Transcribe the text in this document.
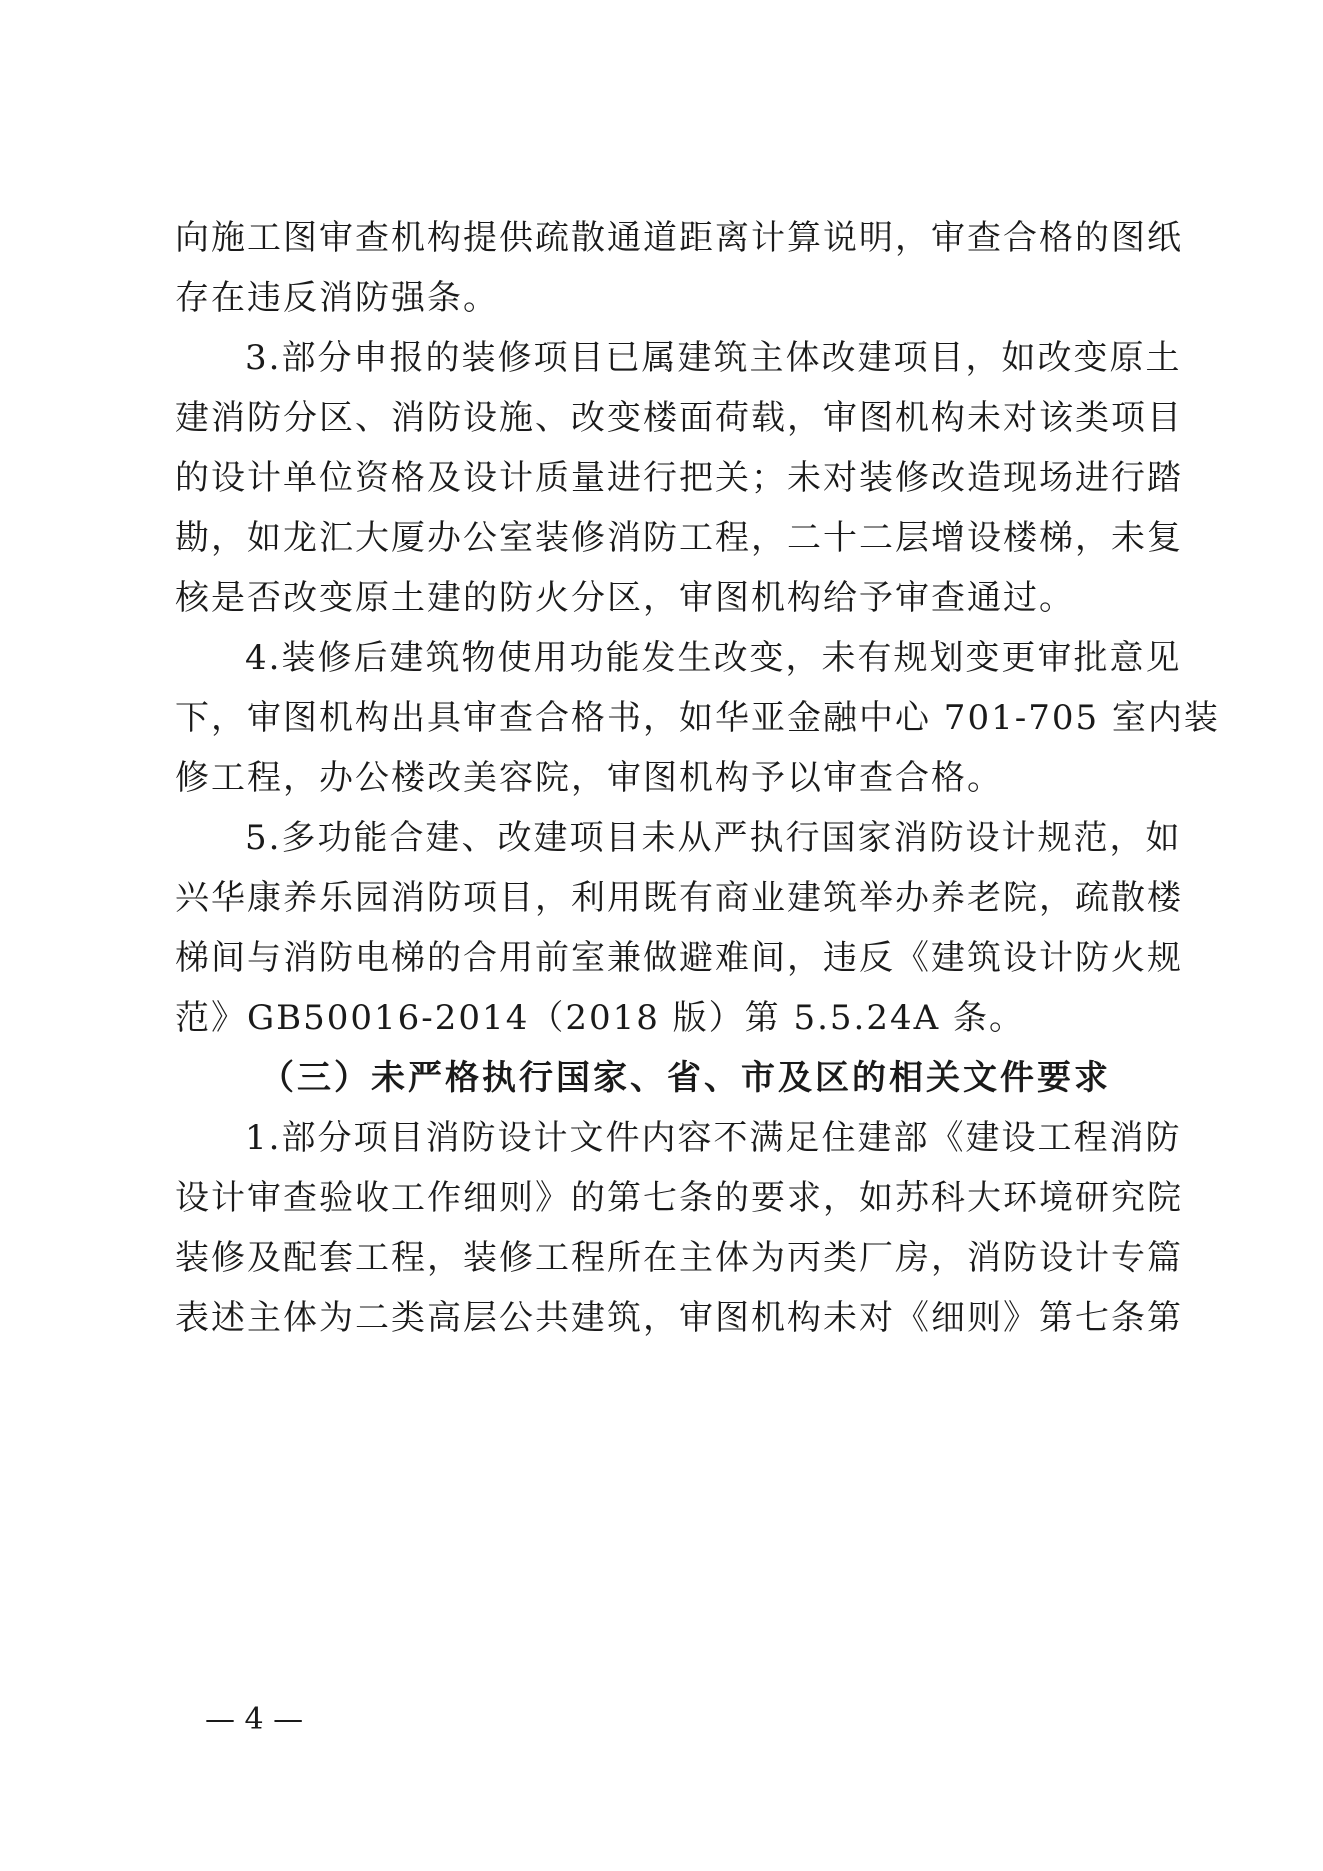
向施工图审查机构提供疏散通道距离计算说明，审查合格的图纸
存在违反消防强条。
3.部分申报的装修项目已属建筑主体改建项目，如改变原土
建消防分区、消防设施、改变楼面荷载，审图机构未对该类项目
的设计单位资格及设计质量进行把关；未对装修改造现场进行踏
勘，如龙汇大厦办公室装修消防工程，二十二层增设楼梯，未复
核是否改变原土建的防火分区，审图机构给予审查通过。
4.装修后建筑物使用功能发生改变，未有规划变更审批意见
下，审图机构出具审查合格书，如华亚金融中心 701-705 室内装
修工程，办公楼改美容院，审图机构予以审查合格。
5.多功能合建、改建项目未从严执行国家消防设计规范，如
兴华康养乐园消防项目，利用既有商业建筑举办养老院，疏散楼
梯间与消防电梯的合用前室兼做避难间，违反《建筑设计防火规
范》GB50016-2014（2018 版）第 5.5.24A 条。
（三）未严格执行国家、省、市及区的相关文件要求
1.部分项目消防设计文件内容不满足住建部《建设工程消防
设计审查验收工作细则》的第七条的要求，如苏科大环境研究院
装修及配套工程，装修工程所在主体为丙类厂房，消防设计专篇
表述主体为二类高层公共建筑，审图机构未对《细则》第七条第
— 4 —
